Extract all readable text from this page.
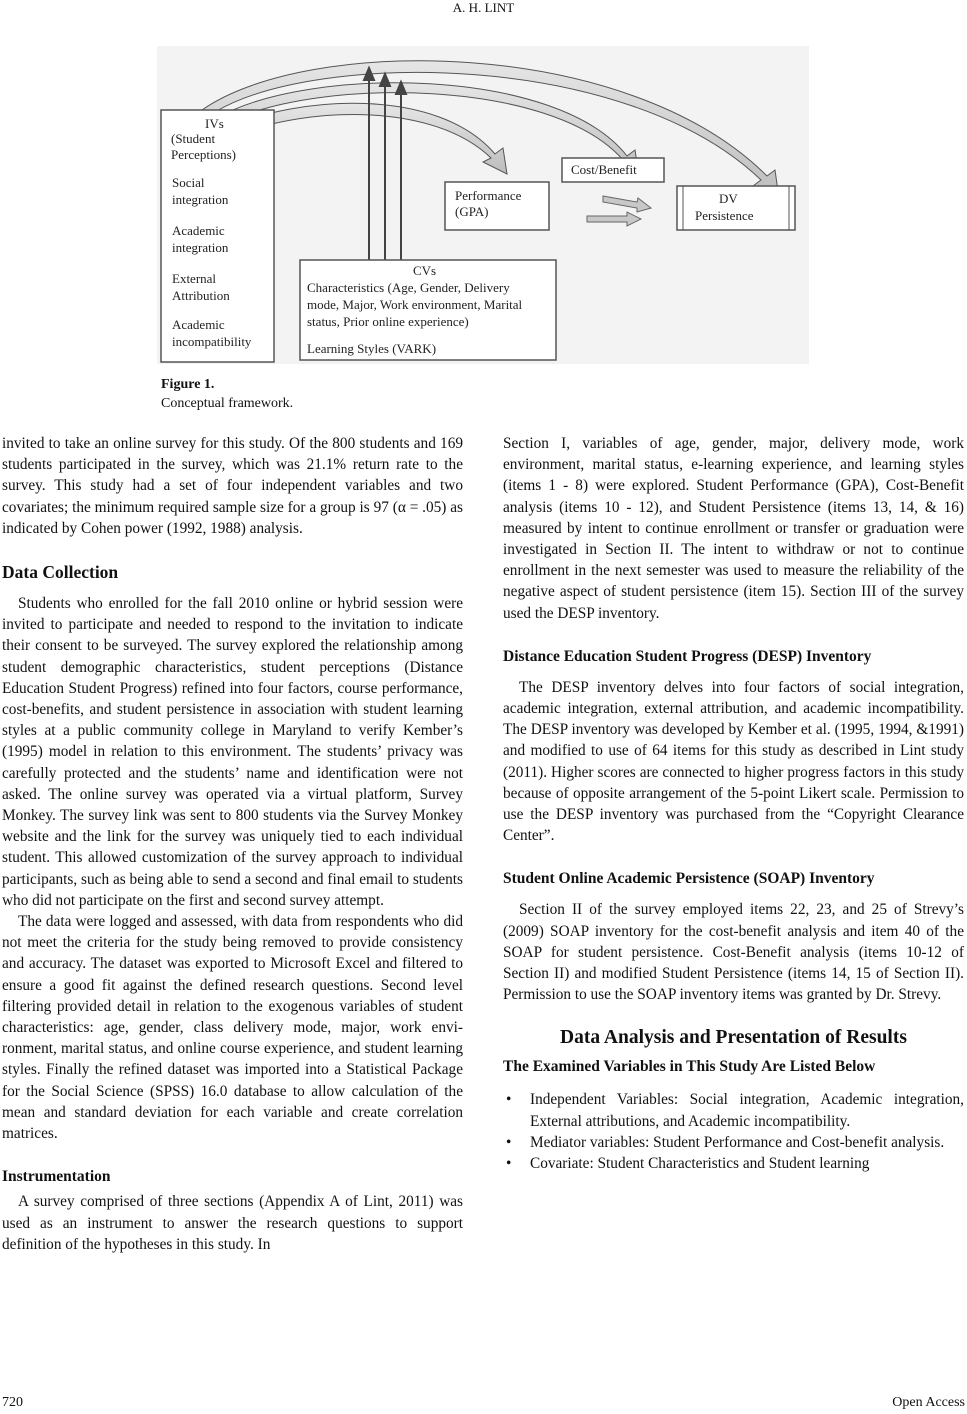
A. H. LINT
IVs
(Student
Perceptions)
Social
integration
Academic
integration
External
Attribution
Academic
incompatibility
Performance
(GPA)
Cost/Benefit
DV
Persistence
CVs
Characteristics (Age, Gender, Delivery
mode, Major, Work environment, Marital
status, Prior online experience)
Learning Styles (VARK)
Figure 1.
Conceptual framework.

invited to take an online survey for this study. Of the 800 students and 169 students participated in the survey, which was 21.1% return rate to the survey. This study had a set of four independent variables and two covariates; the minimum required sample size for a group is 97 (α = .05) as indicated by Cohen power (1992, 1988) analysis.

Data Collection

Students who enrolled for the fall 2010 online or hybrid session were invited to participate and needed to respond to the invitation to indicate their consent to be surveyed. The survey explored the relationship among student demographic characteristics, student perceptions (Distance Education Student Progress) refined into four factors, course performance, cost-benefits, and student persistence in association with student learning styles at a public community college in Maryland to verify Kember’s (1995) model in relation to this environment. The students’ privacy was carefully protected and the students’ name and identification were not asked. The online survey was operated via a virtual platform, Survey Monkey. The survey link was sent to 800 students via the Survey Monkey website and the link for the survey was uniquely tied to each individual student. This allowed customization of the survey approach to individual participants, such as being able to send a second and final email to students who did not participate on the first and second survey attempt.

The data were logged and assessed, with data from respondents who did not meet the criteria for the study being removed to provide consistency and accuracy. The dataset was exported to Microsoft Excel and filtered to ensure a good fit against the defined research questions. Second level filtering provided detail in relation to the exogenous variables of student characteristics: age, gender, class delivery mode, major, work environment, marital status, and online course experience, and student learning styles. Finally the refined dataset was imported into a Statistical Package for the Social Science (SPSS) 16.0 database to allow calculation of the mean and standard deviation for each variable and create correlation matrices.

Instrumentation

A survey comprised of three sections (Appendix A of Lint, 2011) was used as an instrument to answer the research questions to support definition of the hypotheses in this study. In

Section I, variables of age, gender, major, delivery mode, work environment, marital status, e-learning experience, and learning styles (items 1 - 8) were explored. Student Performance (GPA), Cost-Benefit analysis (items 10 - 12), and Student Persistence (items 13, 14, & 16) measured by intent to continue enrollment or transfer or graduation were investigated in Section II. The intent to withdraw or not to continue enrollment in the next semester was used to measure the reliability of the negative aspect of student persistence (item 15). Section III of the survey used the DESP inventory.

Distance Education Student Progress (DESP) Inventory

The DESP inventory delves into four factors of social integration, academic integration, external attribution, and academic incompatibility. The DESP inventory was developed by Kember et al. (1995, 1994, &1991) and modified to use of 64 items for this study as described in Lint study (2011). Higher scores are connected to higher progress factors in this study because of opposite arrangement of the 5-point Likert scale. Permission to use the DESP inventory was purchased from the “Copyright Clearance Center”.

Student Online Academic Persistence (SOAP) Inventory

Section II of the survey employed items 22, 23, and 25 of Strevy’s (2009) SOAP inventory for the cost-benefit analysis and item 40 of the SOAP for student persistence. Cost-Benefit analysis (items 10-12 of Section II) and modified Student Persistence (items 14, 15 of Section II). Permission to use the SOAP inventory items was granted by Dr. Strevy.

Data Analysis and Presentation of Results
The Examined Variables in This Study Are Listed Below
• Independent Variables: Social integration, Academic integration, External attributions, and Academic incompatibility.
• Mediator variables: Student Performance and Cost-benefit analysis.
• Covariate: Student Characteristics and Student learning
720	Open Access
